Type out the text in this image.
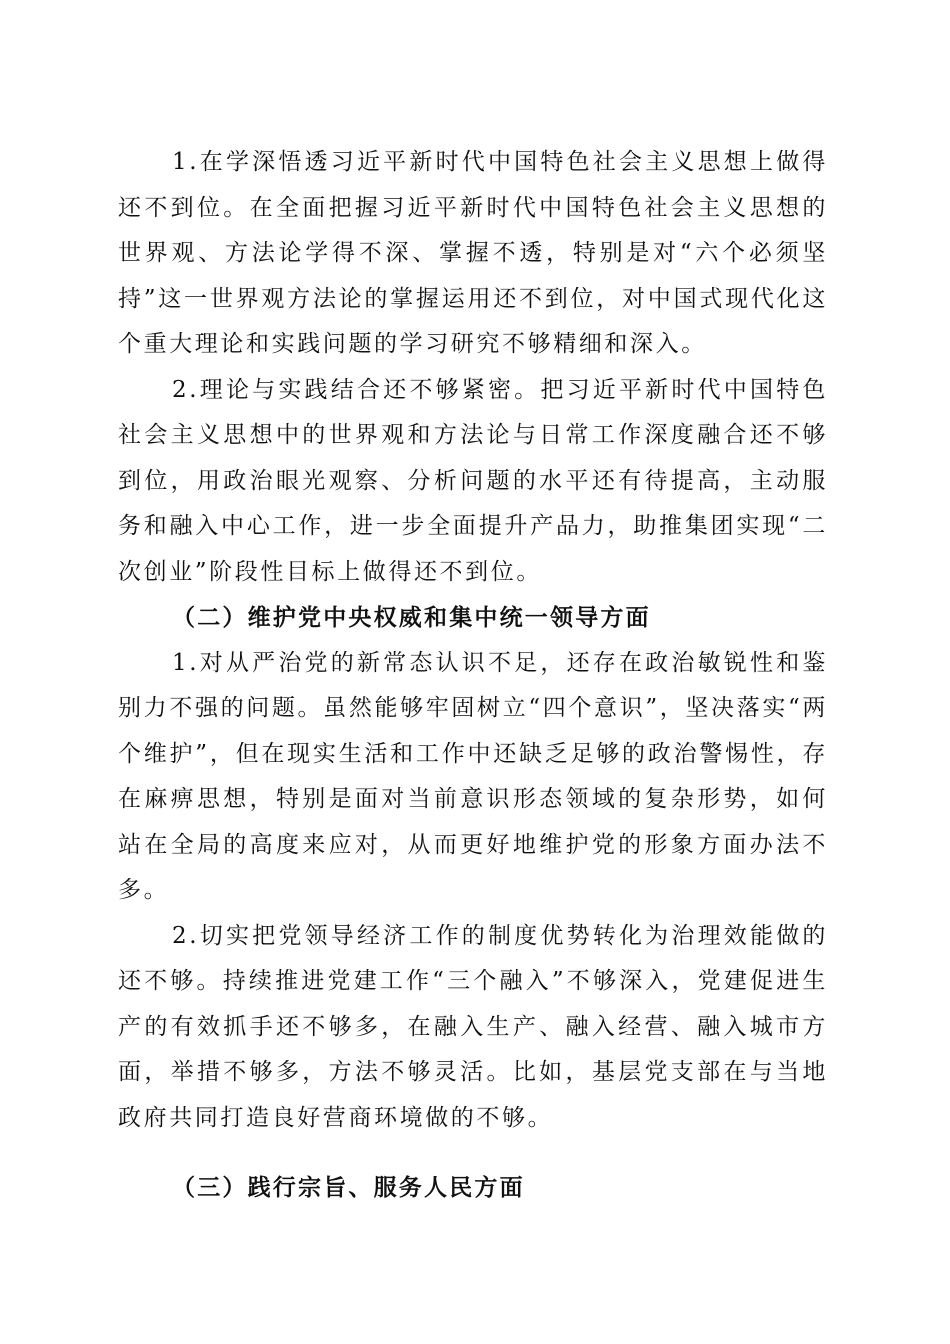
1.在学深悟透习近平新时代中国特色社会主义思想上做得还不到位。在全面把握习近平新时代中国特色社会主义思想的世界观、方法论学得不深、掌握不透，特别是对“六个必须坚持”这一世界观方法论的掌握运用还不到位，对中国式现代化这个重大理论和实践问题的学习研究不够精细和深入。

2.理论与实践结合还不够紧密。把习近平新时代中国特色社会主义思想中的世界观和方法论与日常工作深度融合还不够到位，用政治眼光观察、分析问题的水平还有待提高，主动服务和融入中心工作，进一步全面提升产品力，助推集团实现“二次创业”阶段性目标上做得还不到位。

（二）维护党中央权威和集中统一领导方面

1.对从严治党的新常态认识不足，还存在政治敏锐性和鉴别力不强的问题。虽然能够牢固树立“四个意识”，坚决落实“两个维护”，但在现实生活和工作中还缺乏足够的政治警惕性，存在麻痹思想，特别是面对当前意识形态领域的复杂形势，如何站在全局的高度来应对，从而更好地维护党的形象方面办法不多。

2.切实把党领导经济工作的制度优势转化为治理效能做的还不够。持续推进党建工作“三个融入”不够深入，党建促进生产的有效抓手还不够多，在融入生产、融入经营、融入城市方面，举措不够多，方法不够灵活。比如，基层党支部在与当地政府共同打造良好营商环境做的不够。

（三）践行宗旨、服务人民方面
